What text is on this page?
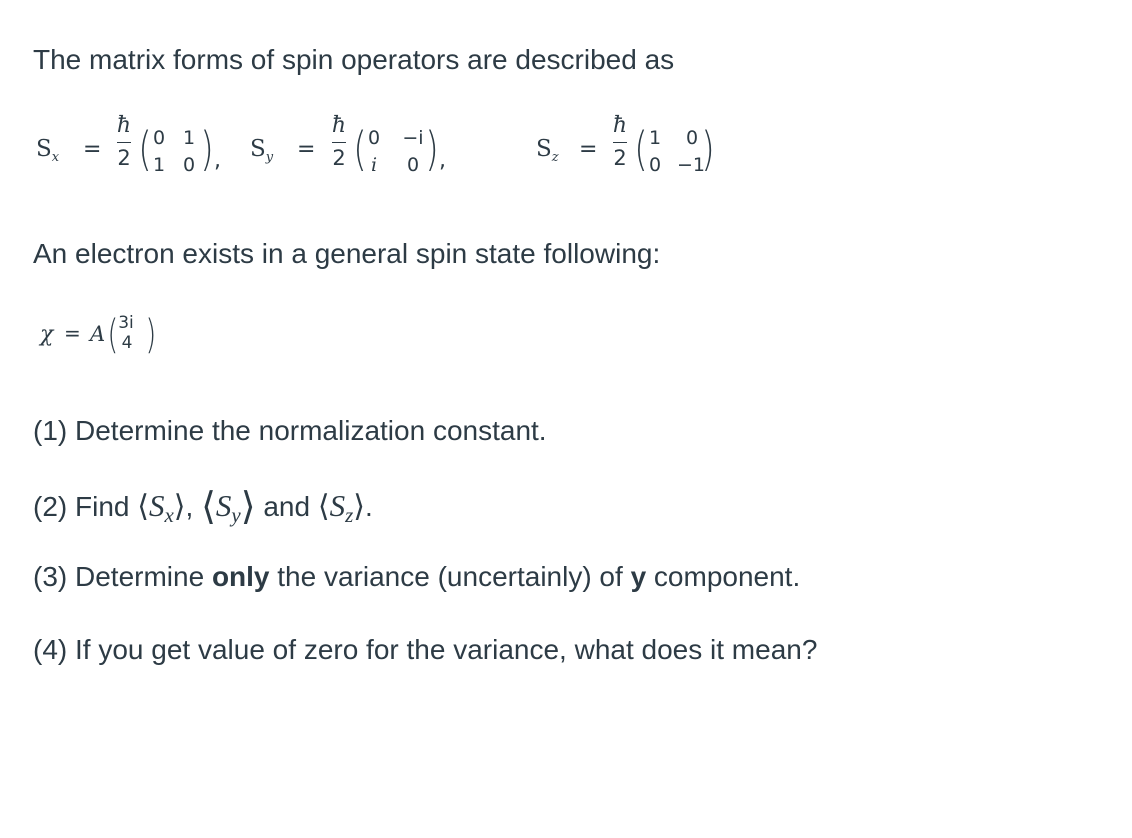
The matrix forms of spin operators are described as
$S_x$ =
ħ
2 ( 0 1
1 0 ) , $S_y$ =
ħ
2 ( 0 −i
i	0 ) ,	$S_z$ =
ħ
2 ( 1 0
0 −1
)
An electron exists in a general spin state following:
χ = A ( 3i
4 )
(1) Determine the normalization constant.
(2) Find $⟨S_x⟩$, $⟨S_y⟩$ and $⟨S_z⟩$.
(3) Determine only the variance (uncertainly) of y component.
(4) If you get value of zero for the variance, what does it mean?
